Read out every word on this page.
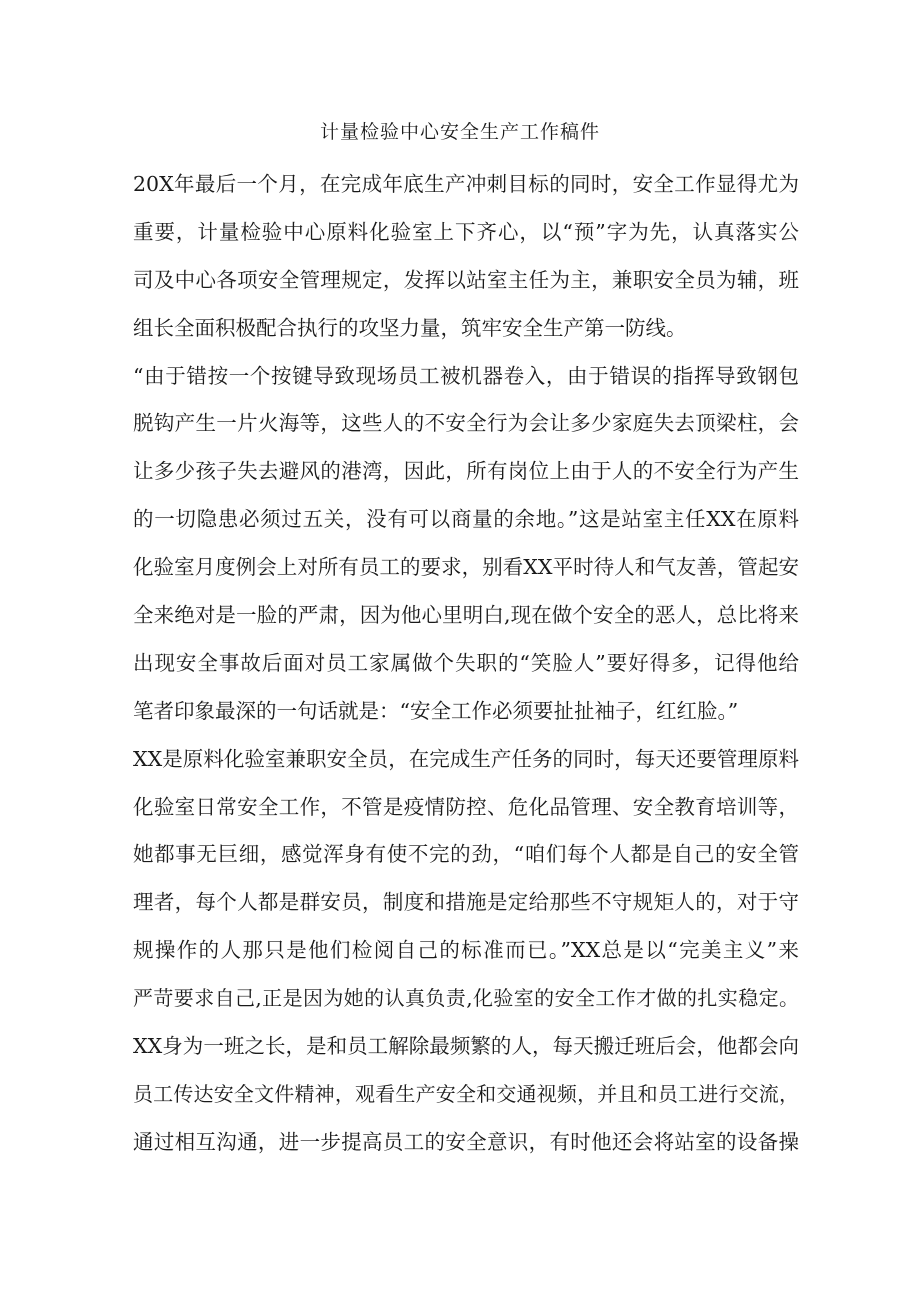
计量检验中心安全生产工作稿件
20X年最后一个月，在完成年底生产冲刺目标的同时，安全工作显得尤为
重要，计量检验中心原料化验室上下齐心，以“预”字为先，认真落实公
司及中心各项安全管理规定，发挥以站室主任为主，兼职安全员为辅，班
组长全面积极配合执行的攻坚力量，筑牢安全生产第一防线。
“由于错按一个按键导致现场员工被机器卷入，由于错误的指挥导致钢包
脱钩产生一片火海等，这些人的不安全行为会让多少家庭失去顶梁柱，会
让多少孩子失去避风的港湾，因此，所有岗位上由于人的不安全行为产生
的一切隐患必须过五关，没有可以商量的余地。”这是站室主任XX在原料
化验室月度例会上对所有员工的要求，别看XX平时待人和气友善，管起安
全来绝对是一脸的严肃，因为他心里明白,现在做个安全的恶人，总比将来
出现安全事故后面对员工家属做个失职的“笑脸人”要好得多，记得他给
笔者印象最深的一句话就是：“安全工作必须要扯扯袖子，红红脸。”
XX是原料化验室兼职安全员，在完成生产任务的同时，每天还要管理原料
化验室日常安全工作，不管是疫情防控、危化品管理、安全教育培训等，
她都事无巨细，感觉浑身有使不完的劲，“咱们每个人都是自己的安全管
理者，每个人都是群安员，制度和措施是定给那些不守规矩人的，对于守
规操作的人那只是他们检阅自己的标准而已。”XX总是以“完美主义”来
严苛要求自己,正是因为她的认真负责,化验室的安全工作才做的扎实稳定。
XX身为一班之长，是和员工解除最频繁的人，每天搬迁班后会，他都会向
员工传达安全文件精神，观看生产安全和交通视频，并且和员工进行交流，
通过相互沟通，进一步提高员工的安全意识，有时他还会将站室的设备操
